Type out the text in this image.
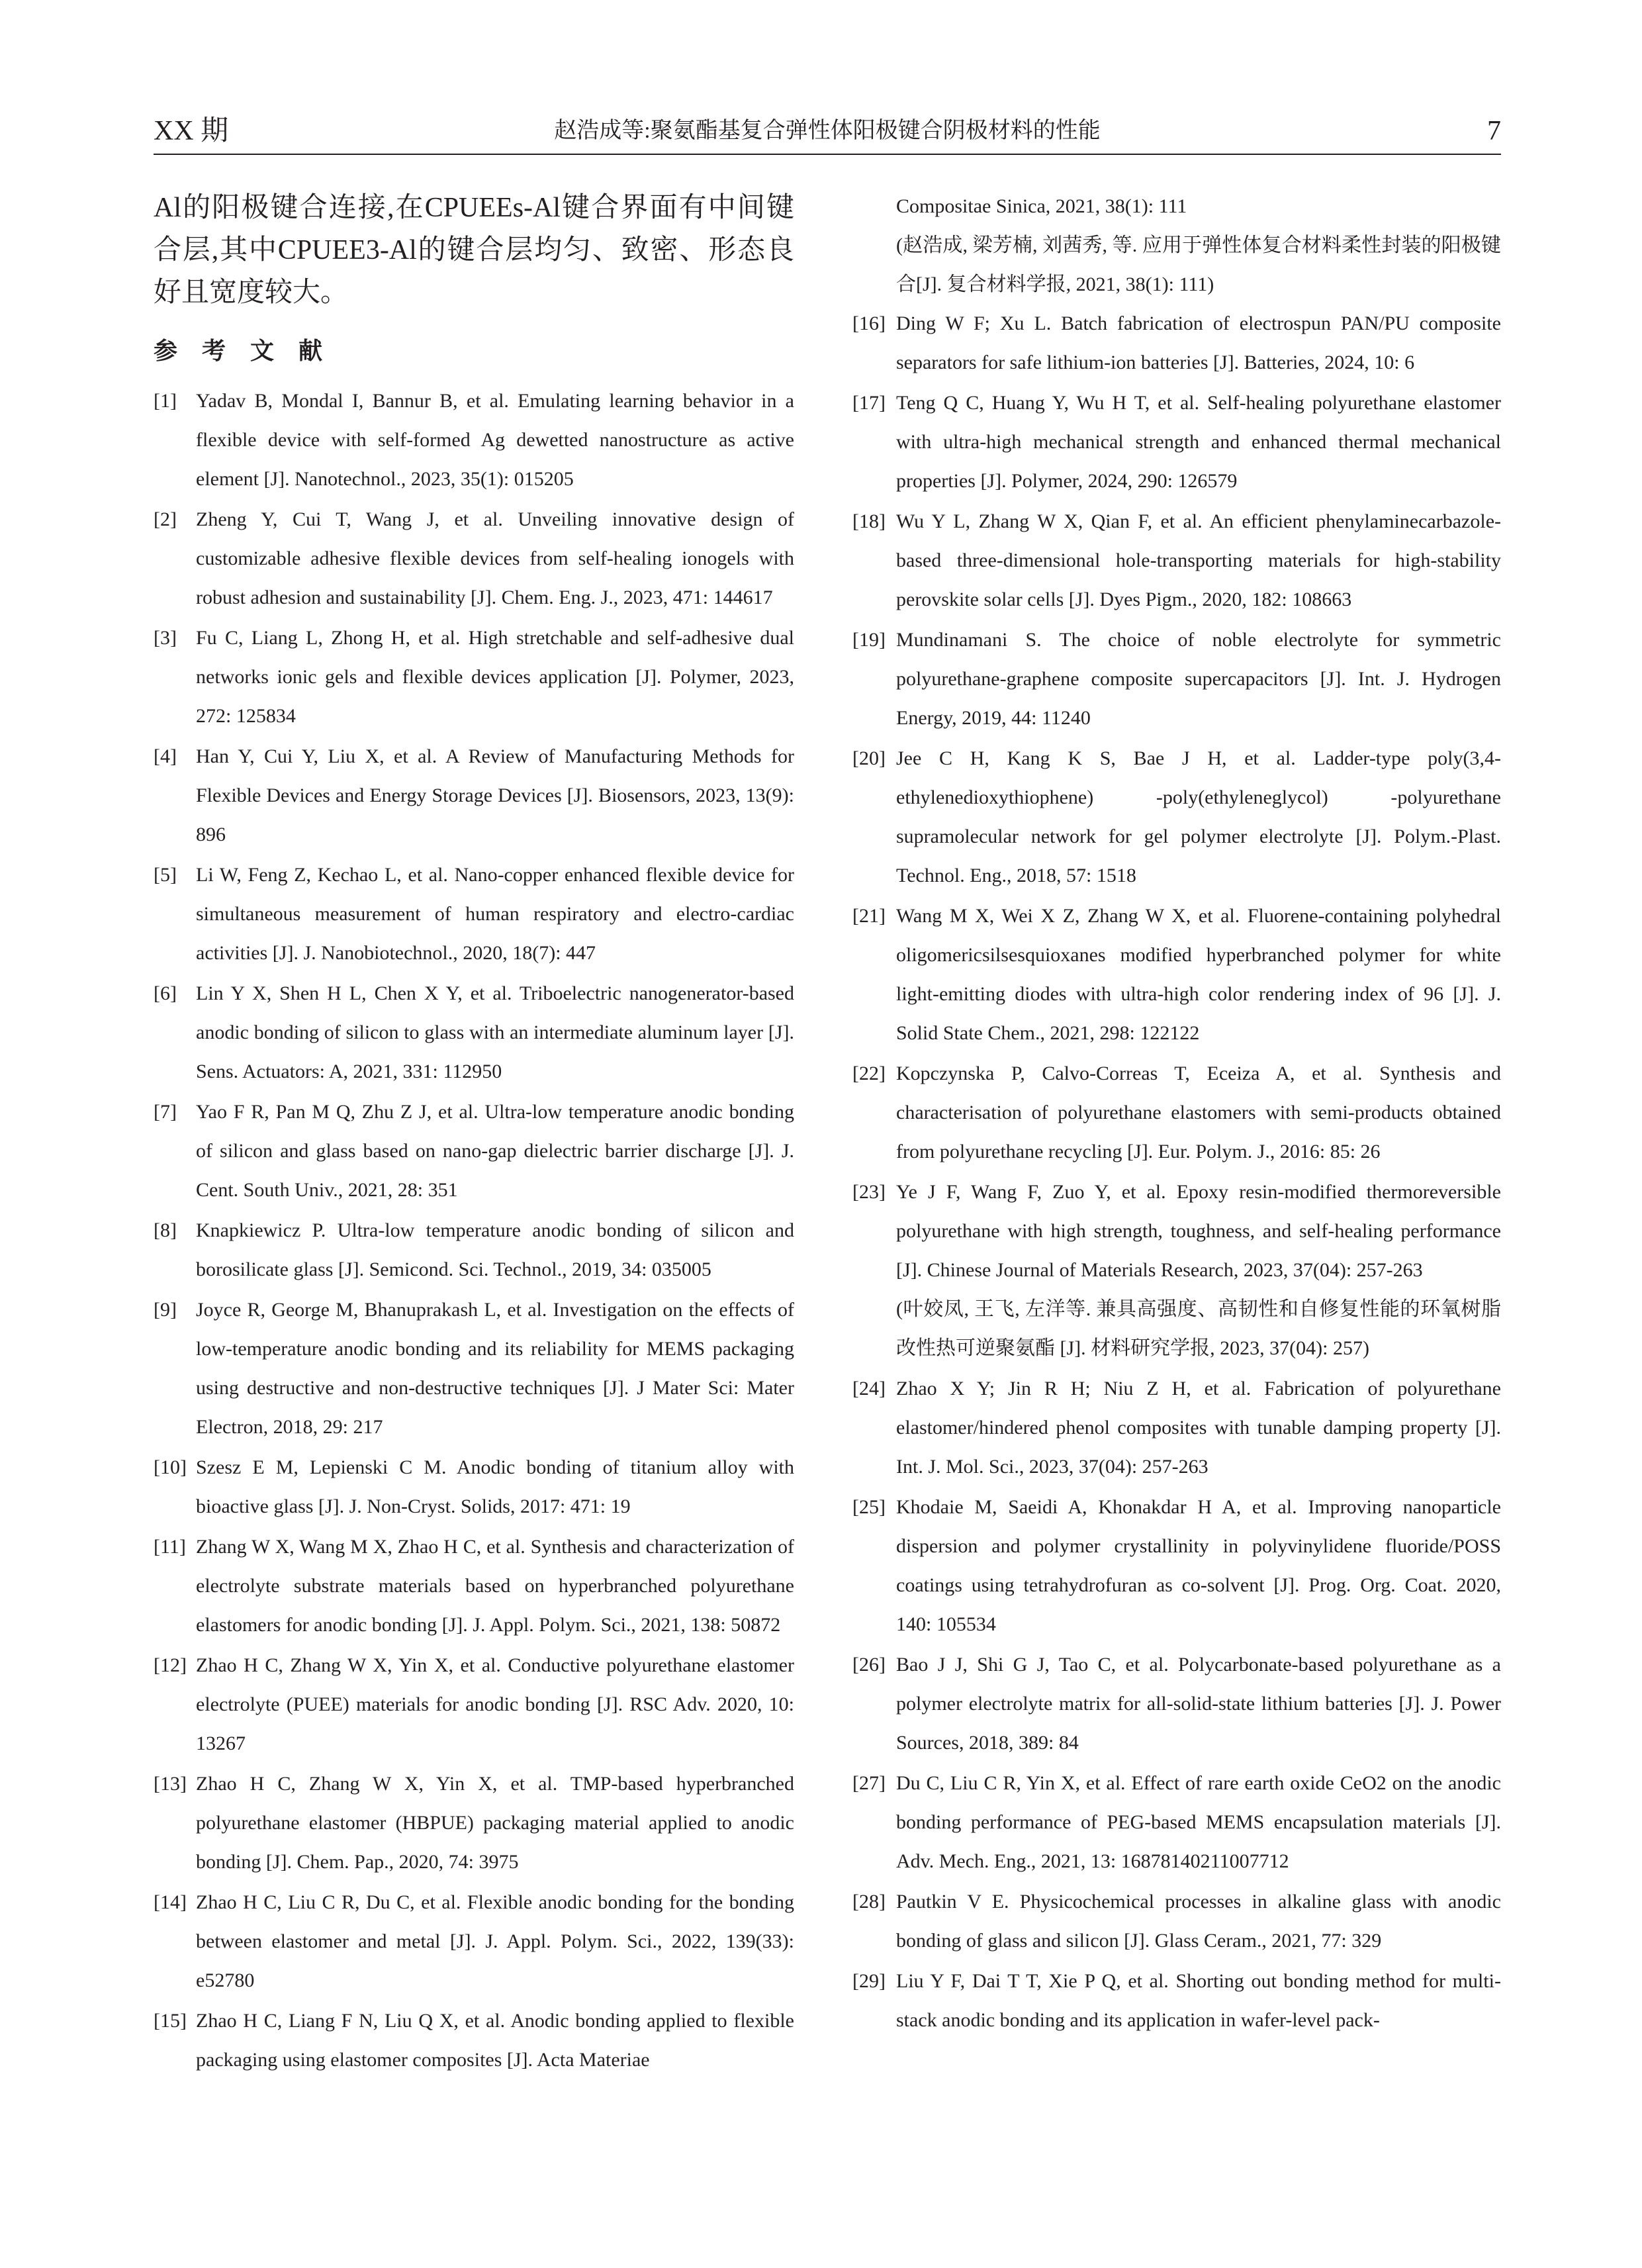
XX 期	赵浩成等:聚氨酯基复合弹性体阳极键合阴极材料的性能	7

Al的阳极键合连接,在CPUEEs-Al键合界面有中间键合层,其中CPUEE3-Al的键合层均匀、致密、形态良好且宽度较大。

参 考 文 献
[1] Yadav B, Mondal I, Bannur B, et al. Emulating learning behavior in a flexible device with self-formed Ag dewetted nanostructure as active element [J]. Nanotechnol., 2023, 35(1): 015205
[2] Zheng Y, Cui T, Wang J, et al. Unveiling innovative design of customizable adhesive flexible devices from self-healing ionogels with robust adhesion and sustainability [J]. Chem. Eng. J., 2023, 471: 144617
[3] Fu C, Liang L, Zhong H, et al. High stretchable and self-adhesive dual networks ionic gels and flexible devices application [J]. Polymer, 2023, 272: 125834
[4] Han Y, Cui Y, Liu X, et al. A Review of Manufacturing Methods for Flexible Devices and Energy Storage Devices [J]. Biosensors, 2023, 13(9): 896
[5] Li W, Feng Z, Kechao L, et al. Nano-copper enhanced flexible device for simultaneous measurement of human respiratory and electro-cardiac activities [J]. J. Nanobiotechnol., 2020, 18(7): 447
[6] Lin Y X, Shen H L, Chen X Y, et al. Triboelectric nanogenerator-based anodic bonding of silicon to glass with an intermediate aluminum layer [J]. Sens. Actuators: A, 2021, 331: 112950
[7] Yao F R, Pan M Q, Zhu Z J, et al. Ultra-low temperature anodic bonding of silicon and glass based on nano-gap dielectric barrier discharge [J]. J. Cent. South Univ., 2021, 28: 351
[8] Knapkiewicz P. Ultra-low temperature anodic bonding of silicon and borosilicate glass [J]. Semicond. Sci. Technol., 2019, 34: 035005
[9] Joyce R, George M, Bhanuprakash L, et al. Investigation on the effects of low-temperature anodic bonding and its reliability for MEMS packaging using destructive and non-destructive techniques [J]. J Mater Sci: Mater Electron, 2018, 29: 217
[10] Szesz E M, Lepienski C M. Anodic bonding of titanium alloy with bioactive glass [J]. J. Non-Cryst. Solids, 2017: 471: 19
[11] Zhang W X, Wang M X, Zhao H C, et al. Synthesis and characterization of electrolyte substrate materials based on hyperbranched polyurethane elastomers for anodic bonding [J]. J. Appl. Polym. Sci., 2021, 138: 50872
[12] Zhao H C, Zhang W X, Yin X, et al. Conductive polyurethane elastomer electrolyte (PUEE) materials for anodic bonding [J]. RSC Adv. 2020, 10: 13267
[13] Zhao H C, Zhang W X, Yin X, et al. TMP-based hyperbranched polyurethane elastomer (HBPUE) packaging material applied to anodic bonding [J]. Chem. Pap., 2020, 74: 3975
[14] Zhao H C, Liu C R, Du C, et al. Flexible anodic bonding for the bonding between elastomer and metal [J]. J. Appl. Polym. Sci., 2022, 139(33): e52780
[15] Zhao H C, Liang F N, Liu Q X, et al. Anodic bonding applied to flexible packaging using elastomer composites [J]. Acta Materiae
Compositae Sinica, 2021, 38(1): 111
(赵浩成, 梁芳楠, 刘茜秀, 等. 应用于弹性体复合材料柔性封装的阳极键合[J]. 复合材料学报, 2021, 38(1): 111)
[16] Ding W F; Xu L. Batch fabrication of electrospun PAN/PU composite separators for safe lithium-ion batteries [J]. Batteries, 2024, 10: 6
[17] Teng Q C, Huang Y, Wu H T, et al. Self-healing polyurethane elastomer with ultra-high mechanical strength and enhanced thermal mechanical properties [J]. Polymer, 2024, 290: 126579
[18] Wu Y L, Zhang W X, Qian F, et al. An efficient phenylaminecarbazole-based three-dimensional hole-transporting materials for high-stability perovskite solar cells [J]. Dyes Pigm., 2020, 182: 108663
[19] Mundinamani S. The choice of noble electrolyte for symmetric polyurethane-graphene composite supercapacitors [J]. Int. J. Hydrogen Energy, 2019, 44: 11240
[20] Jee C H, Kang K S, Bae J H, et al. Ladder-type poly(3,4-ethylenedioxythiophene) -poly(ethyleneglycol) -polyurethane supramolecular network for gel polymer electrolyte [J]. Polym.-Plast. Technol. Eng., 2018, 57: 1518
[21] Wang M X, Wei X Z, Zhang W X, et al. Fluorene-containing polyhedral oligomericsilsesquioxanes modified hyperbranched polymer for white light-emitting diodes with ultra-high color rendering index of 96 [J]. J. Solid State Chem., 2021, 298: 122122
[22] Kopczynska P, Calvo-Correas T, Eceiza A, et al. Synthesis and characterisation of polyurethane elastomers with semi-products obtained from polyurethane recycling [J]. Eur. Polym. J., 2016: 85: 26
[23] Ye J F, Wang F, Zuo Y, et al. Epoxy resin-modified thermoreversible polyurethane with high strength, toughness, and self-healing performance [J]. Chinese Journal of Materials Research, 2023, 37(04): 257-263
(叶姣凤, 王飞, 左洋等. 兼具高强度、高韧性和自修复性能的环氧树脂改性热可逆聚氨酯 [J]. 材料研究学报, 2023, 37(04): 257)
[24] Zhao X Y; Jin R H; Niu Z H, et al. Fabrication of polyurethane elastomer/hindered phenol composites with tunable damping property [J]. Int. J. Mol. Sci., 2023, 37(04): 257-263
[25] Khodaie M, Saeidi A, Khonakdar H A, et al. Improving nanoparticle dispersion and polymer crystallinity in polyvinylidene fluoride/POSS coatings using tetrahydrofuran as co-solvent [J]. Prog. Org. Coat. 2020, 140: 105534
[26] Bao J J, Shi G J, Tao C, et al. Polycarbonate-based polyurethane as a polymer electrolyte matrix for all-solid-state lithium batteries [J]. J. Power Sources, 2018, 389: 84
[27] Du C, Liu C R, Yin X, et al. Effect of rare earth oxide CeO2 on the anodic bonding performance of PEG-based MEMS encapsulation materials [J]. Adv. Mech. Eng., 2021, 13: 16878140211007712
[28] Pautkin V E. Physicochemical processes in alkaline glass with anodic bonding of glass and silicon [J]. Glass Ceram., 2021, 77: 329
[29] Liu Y F, Dai T T, Xie P Q, et al. Shorting out bonding method for multi-stack anodic bonding and its application in wafer-level pack-
